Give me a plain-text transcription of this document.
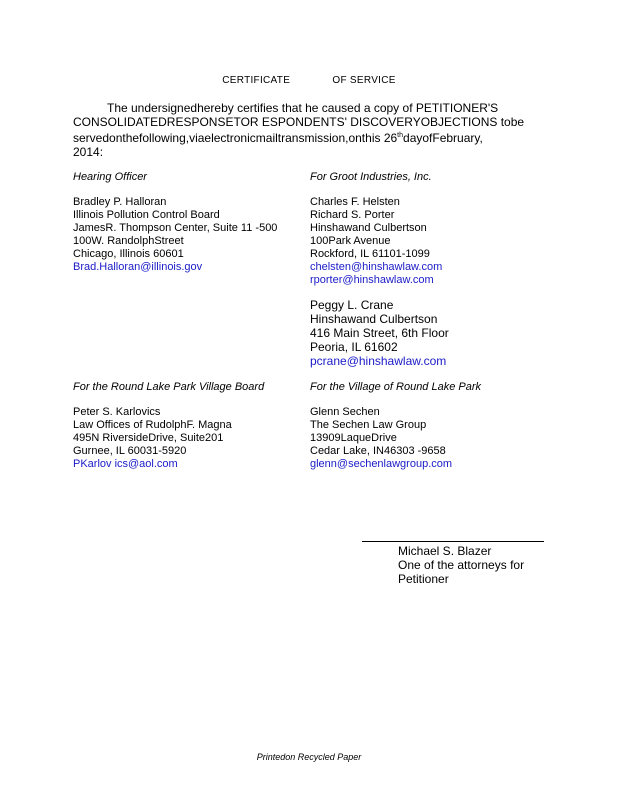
CERTIFICATE	OF SERVICE
The undersignedhereby certifies that he caused a copy of PETITIONER'S
CONSOLIDATEDRESPONSETOR ESPONDENTS' DISCOVERYOBJECTIONS tobe
servedonthefollowing,viaelectronicmailtransmission,onthis 26thdayofFebruary,
2014:
Hearing Officer
Bradley P. Halloran
Illinois Pollution Control Board
JamesR. Thompson Center, Suite 11 -500
100W. RandolphStreet
Chicago, Illinois 60601
Brad.Halloran@illinois.gov
For Groot Industries, Inc.
Charles F. Helsten
Richard S. Porter
Hinshawand Culbertson
100Park Avenue
Rockford, IL 61101-1099
chelsten@hinshawlaw.com
rporter@hinshawlaw.com
Peggy L. Crane
Hinshawand Culbertson
416 Main Street, 6th Floor
Peoria, IL 61602
pcrane@hinshawlaw.com
For the Round Lake Park Village Board
Peter S. Karlovics
Law Offices of RudolphF. Magna
495N RiversideDrive, Suite201
Gurnee, IL 60031-5920
PKarlov ics@aol.com
For the Village of Round Lake Park
Glenn Sechen
The Sechen Law Group
13909LaqueDrive
Cedar Lake, IN46303 -9658
glenn@sechenlawgroup.com
Michael S. Blazer
One of the attorneys for
Petitioner
Printedon Recycled Paper
